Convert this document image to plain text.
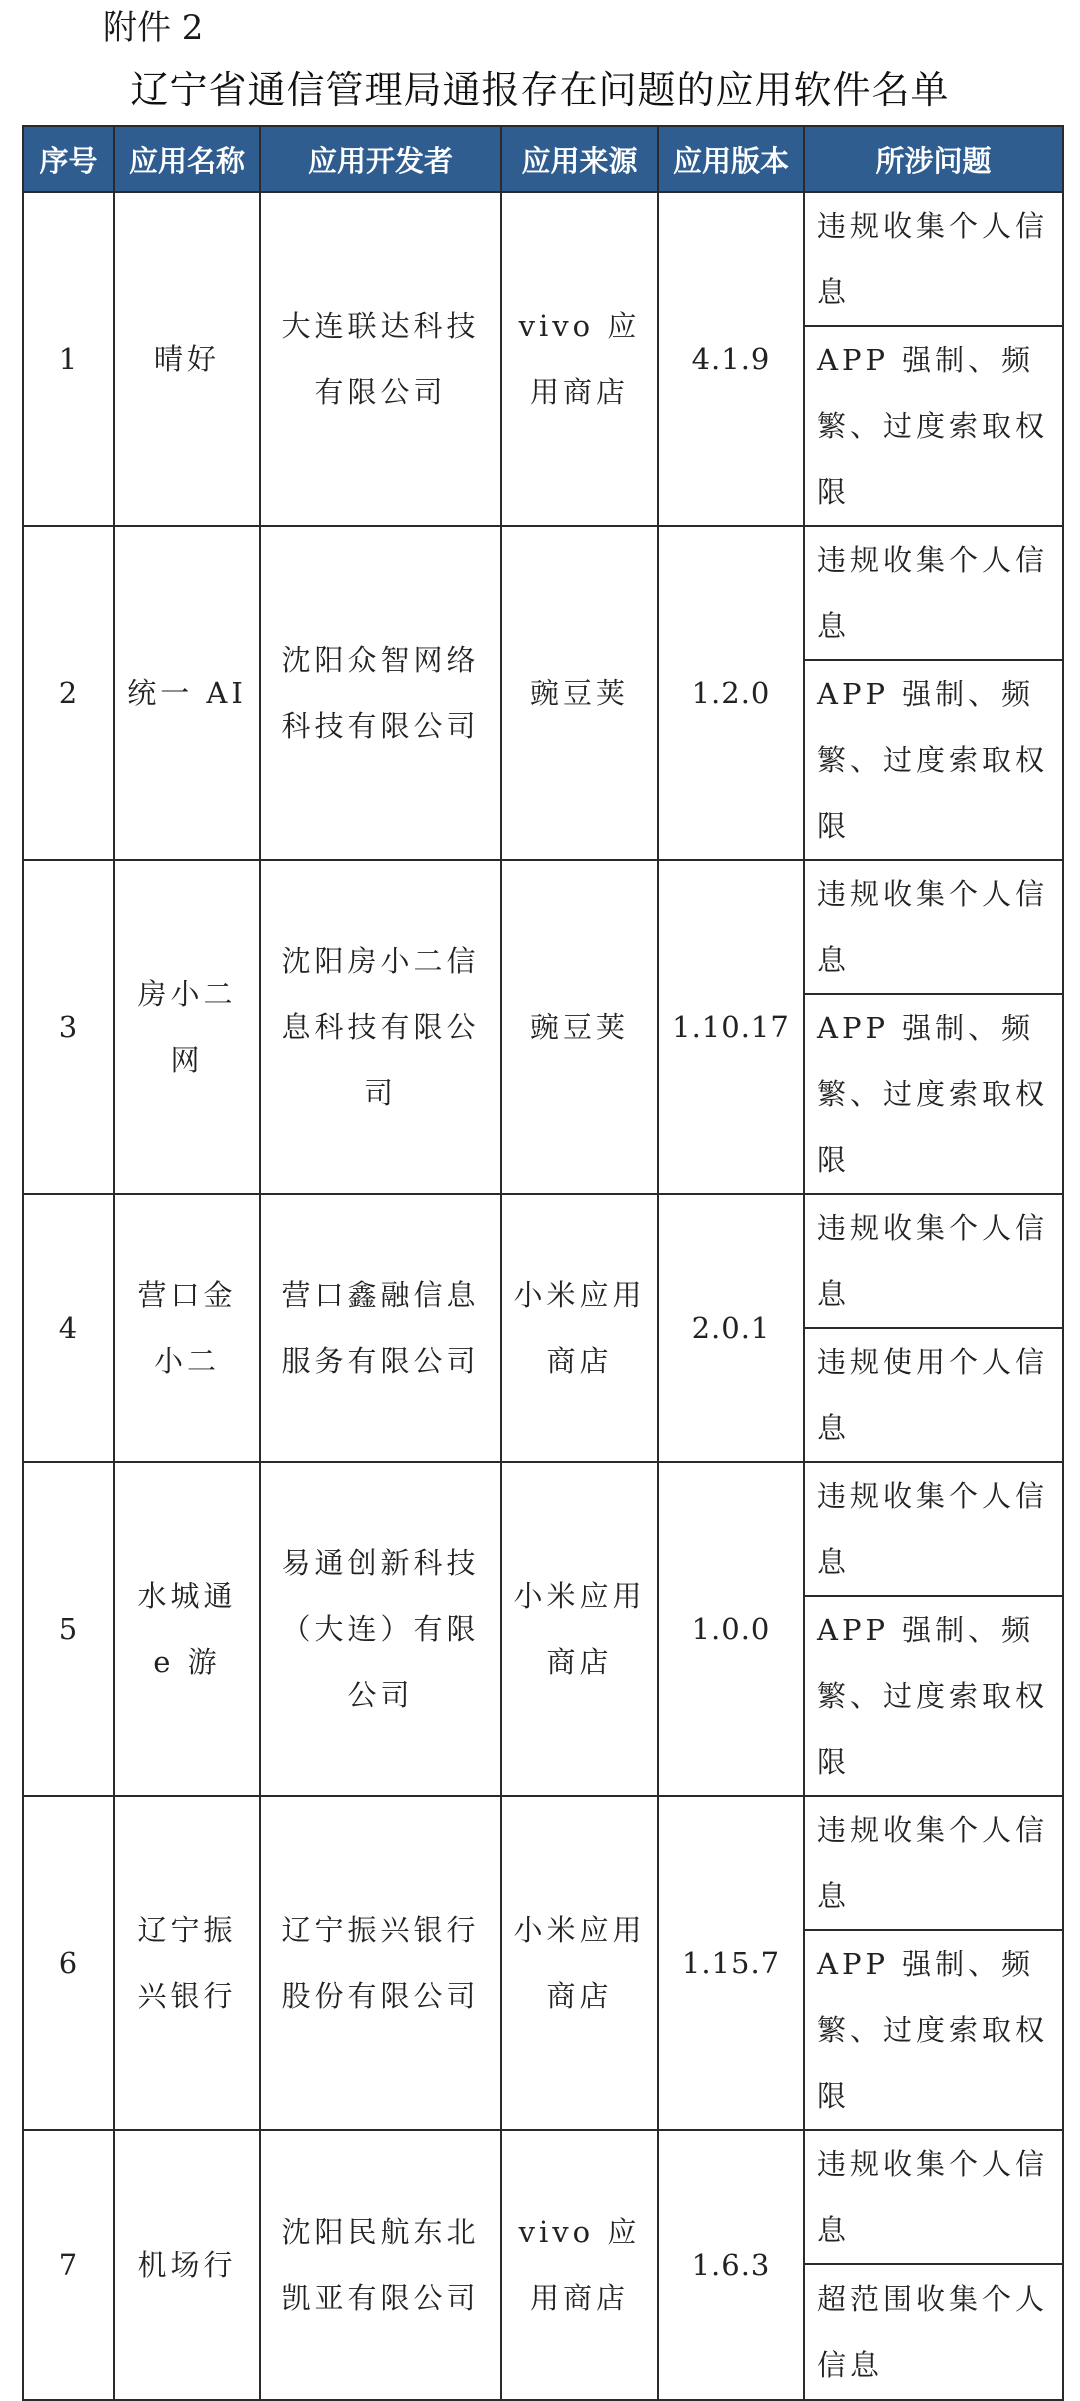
附件 2
辽宁省通信管理局通报存在问题的应用软件名单
序号	应用名称	应用开发者	应用来源	应用版本	所涉问题
1	晴好	大连联达科技有限公司	vivo 应用商店	4.1.9	违规收集个人信息
					APP 强制、频繁、过度索取权限
2	统一 AI	沈阳众智网络科技有限公司	豌豆荚	1.2.0	违规收集个人信息
					APP 强制、频繁、过度索取权限
3	房小二网	沈阳房小二信息科技有限公司	豌豆荚	1.10.17	违规收集个人信息
					APP 强制、频繁、过度索取权限
4	营口金小二	营口鑫融信息服务有限公司	小米应用商店	2.0.1	违规收集个人信息
					违规使用个人信息
5	水城通 e 游	易通创新科技（大连）有限公司	小米应用商店	1.0.0	违规收集个人信息
					APP 强制、频繁、过度索取权限
6	辽宁振兴银行	辽宁振兴银行股份有限公司	小米应用商店	1.15.7	违规收集个人信息
					APP 强制、频繁、过度索取权限
7	机场行	沈阳民航东北凯亚有限公司	vivo 应用商店	1.6.3	违规收集个人信息
					超范围收集个人信息
